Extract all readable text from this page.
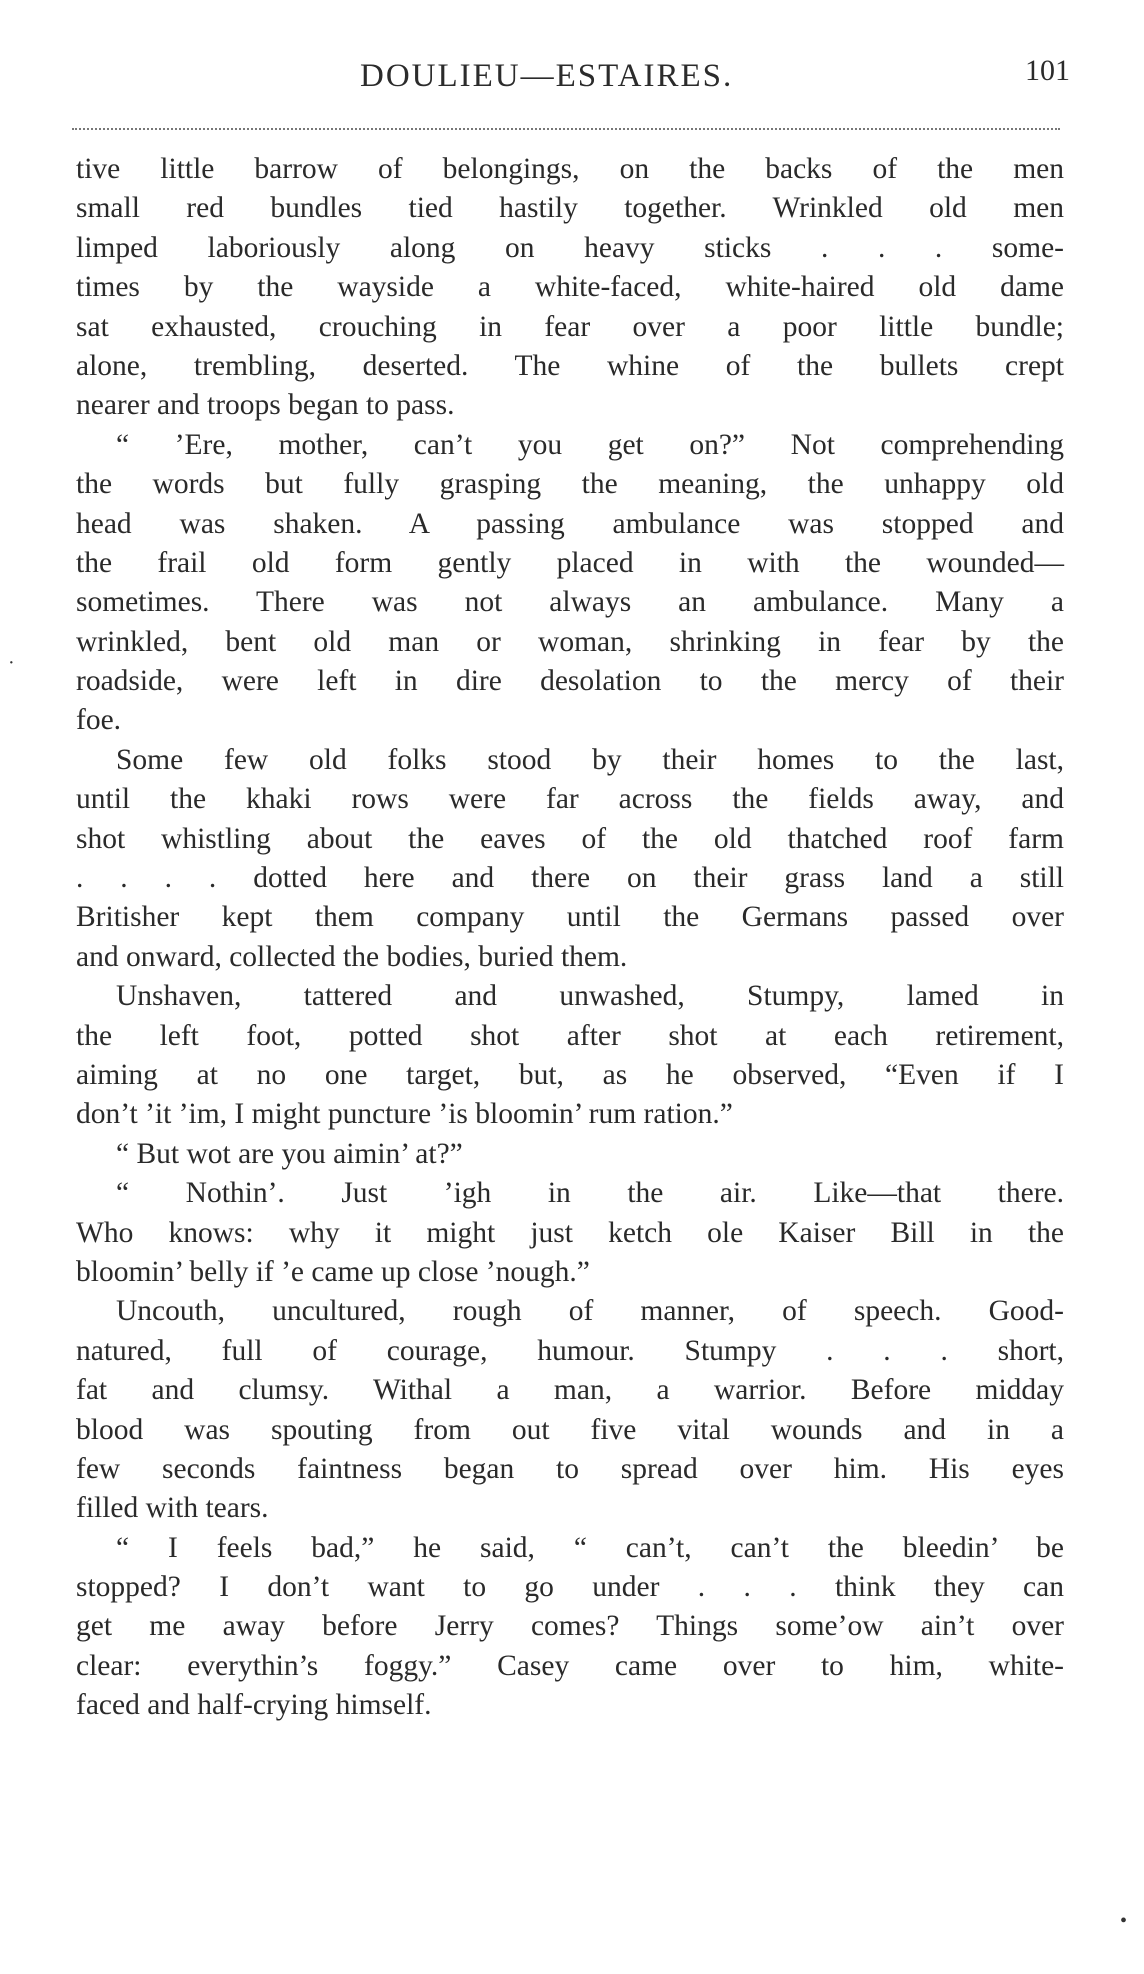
DOULIEU—ESTAIRES.	101
tive little barrow of belongings, on the backs of the men
small red bundles tied hastily together. Wrinkled old men
limped laboriously along on heavy sticks . . . some-
times by the wayside a white-faced, white-haired old dame
sat exhausted, crouching in fear over a poor little bundle;
alone, trembling, deserted. The whine of the bullets crept
nearer and troops began to pass.
“ ’Ere, mother, can’t you get on?” Not comprehending
the words but fully grasping the meaning, the unhappy old
head was shaken. A passing ambulance was stopped and
the frail old form gently placed in with the wounded—
sometimes. There was not always an ambulance. Many a
wrinkled, bent old man or woman, shrinking in fear by the
roadside, were left in dire desolation to the mercy of their
foe.
Some few old folks stood by their homes to the last,
until the khaki rows were far across the fields away, and
shot whistling about the eaves of the old thatched roof farm
. . . . dotted here and there on their grass land a still
Britisher kept them company until the Germans passed over
and onward, collected the bodies, buried them.
Unshaven, tattered and unwashed, Stumpy, lamed in
the left foot, potted shot after shot at each retirement,
aiming at no one target, but, as he observed, “Even if I
don’t ’it ’im, I might puncture ’is bloomin’ rum ration.”
“ But wot are you aimin’ at?”
“ Nothin’. Just ’igh in the air. Like—that there.
Who knows: why it might just ketch ole Kaiser Bill in the
bloomin’ belly if ’e came up close ’nough.”
Uncouth, uncultured, rough of manner, of speech. Good-
natured, full of courage, humour. Stumpy . . . short,
fat and clumsy. Withal a man, a warrior. Before midday
blood was spouting from out five vital wounds and in a
few seconds faintness began to spread over him. His eyes
filled with tears.
“ I feels bad,” he said, “ can’t, can’t the bleedin’ be
stopped? I don’t want to go under . . . think they can
get me away before Jerry comes? Things some’ow ain’t over
clear: everythin’s foggy.” Casey came over to him, white-
faced and half-crying himself.
·
•
